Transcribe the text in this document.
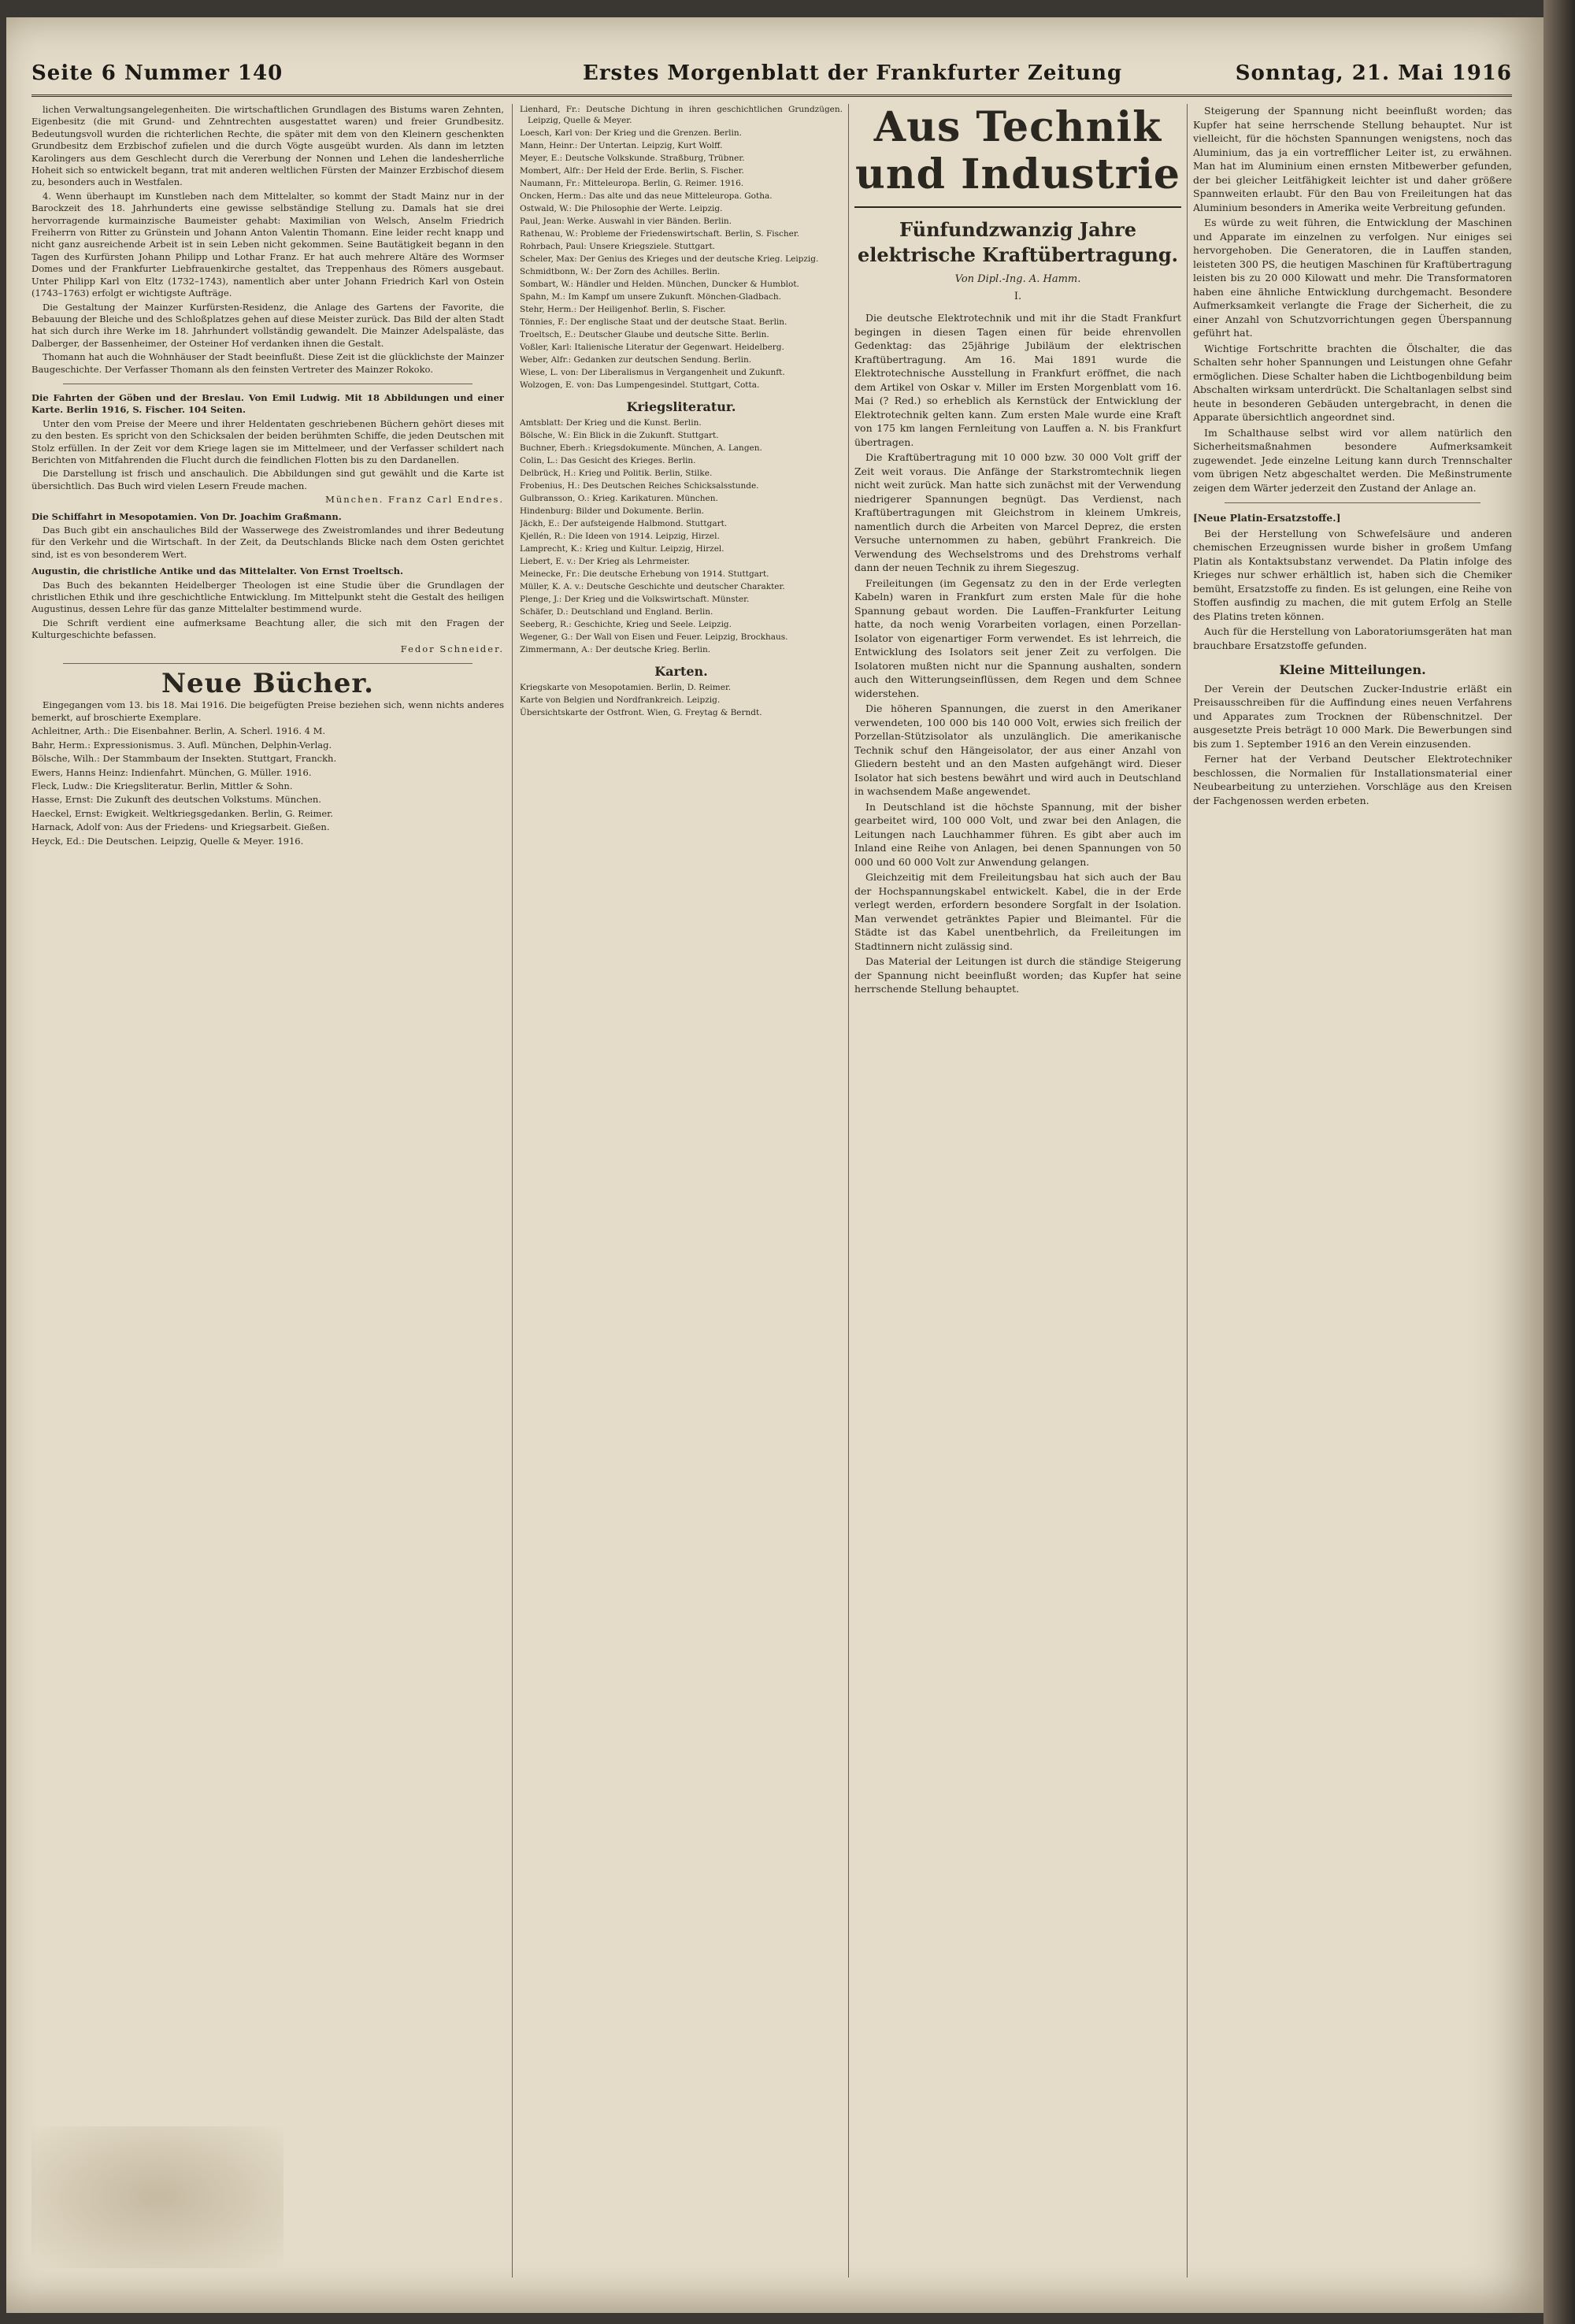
Seite 6 Nummer 140	Erstes Morgenblatt der Frankfurter Zeitung	Sonntag, 21. Mai 1916

lichen Verwaltungsangelegenheiten. Die wirtschaftlichen Grundlagen des Bistums waren Zehnten, Eigenbesitz (die mit Grund- und Zehntrechten ausgestattet waren) und freier Grundbesitz. Bedeutungsvoll wurden die richterlichen Rechte, die später mit dem von den Kleinern geschenkten Grundbesitz dem Erzbischof zufielen und die durch Vögte ausgeübt wurden. Als dann im letzten Karolingers aus dem Geschlecht durch die Vererbung der Nonnen und Lehen die landesherrliche Hoheit sich so entwickelt begann, trat mit anderen weltlichen Fürsten der Mainzer Erzbischof diesem zu, besonders auch in Westfalen.

4. Wenn überhaupt im Kunstleben nach dem Mittelalter, so kommt der Stadt Mainz nur in der Barockzeit des 18. Jahrhunderts eine gewisse selbständige Stellung zu. Damals hat sie drei hervorragende kurmainzische Baumeister gehabt: Maximilian von Welsch, Anselm Friedrich Freiherrn von Ritter zu Grünstein und Johann Anton Valentin Thomann. Eine leider recht knapp und nicht ganz ausreichende Arbeit ist in sein Leben nicht gekommen. Seine Bautätigkeit begann in den Tagen des Kurfürsten Johann Philipp und Lothar Franz. Er hat auch mehrere Altäre des Wormser Domes und der Frankfurter Liebfrauenkirche gestaltet, das Treppenhaus des Römers ausgebaut. Unter Philipp Karl von Eltz (1732–1743), namentlich aber unter Johann Friedrich Karl von Ostein (1743–1763) erfolgt er wichtigste Aufträge.

Die Gestaltung der Mainzer Kurfürsten-Residenz, die Anlage des Gartens der Favorite, die Bebauung der Bleiche und des Schloßplatzes gehen auf diese Meister zurück. Das Bild der alten Stadt hat sich durch ihre Werke im 18. Jahrhundert vollständig gewandelt. Die Mainzer Adelspaläste, das Dalberger, der Bassenheimer, der Osteiner Hof verdanken ihnen die Gestalt.

Thomann hat auch die Wohnhäuser der Stadt beeinflußt. Diese Zeit ist die glücklichste der Mainzer Baugeschichte. Der Verfasser Thomann als den feinsten Vertreter des Mainzer Rokoko.

Die Fahrten der Göben und der Breslau. Von Emil Ludwig. Mit 18 Abbildungen und einer Karte. Berlin 1916, S. Fischer. 104 Seiten.

Unter den vom Preise der Meere und ihrer Heldentaten geschriebenen Büchern gehört dieses mit zu den besten. Es spricht von den Schicksalen der beiden berühmten Schiffe, die jeden Deutschen mit Stolz erfüllen. In der Zeit vor dem Kriege lagen sie im Mittelmeer, und der Verfasser schildert nach Berichten von Mitfahrenden die Flucht durch die feindlichen Flotten bis zu den Dardanellen.

Die Darstellung ist frisch und anschaulich. Die Abbildungen sind gut gewählt und die Karte ist übersichtlich. Das Buch wird vielen Lesern Freude machen.

München. Franz Carl Endres.

Die Schiffahrt in Mesopotamien. Von Dr. Joachim Graßmann.

Das Buch gibt ein anschauliches Bild der Wasserwege des Zweistromlandes und ihrer Bedeutung für den Verkehr und die Wirtschaft. In der Zeit, da Deutschlands Blicke nach dem Osten gerichtet sind, ist es von besonderem Wert.

Augustin, die christliche Antike und das Mittelalter. Von Ernst Troeltsch.

Das Buch des bekannten Heidelberger Theologen ist eine Studie über die Grundlagen der christlichen Ethik und ihre geschichtliche Entwicklung. Im Mittelpunkt steht die Gestalt des heiligen Augustinus, dessen Lehre für das ganze Mittelalter bestimmend wurde.

Die Schrift verdient eine aufmerksame Beachtung aller, die sich mit den Fragen der Kulturgeschichte befassen.

Fedor Schneider.

Neue Bücher.

Eingegangen vom 13. bis 18. Mai 1916. Die beigefügten Preise beziehen sich, wenn nichts anderes bemerkt, auf broschierte Exemplare.

Achleitner, Arth.: Die Eisenbahner. Berlin, A. Scherl. 1916. 4 M.
Bahr, Herm.: Expressionismus. 3. Aufl. München, Delphin-Verlag.
Bölsche, Wilh.: Der Stammbaum der Insekten. Stuttgart, Franckh.
Ewers, Hanns Heinz: Indienfahrt. München, G. Müller. 1916.
Fleck, Ludw.: Die Kriegsliteratur. Berlin, Mittler & Sohn.
Hasse, Ernst: Die Zukunft des deutschen Volkstums. München.
Haeckel, Ernst: Ewigkeit. Weltkriegsgedanken. Berlin, G. Reimer.
Harnack, Adolf von: Aus der Friedens- und Kriegsarbeit. Gießen.
Heyck, Ed.: Die Deutschen. Leipzig, Quelle & Meyer. 1916.
Lienhard, Fr.: Deutsche Dichtung in ihren geschichtlichen Grundzügen. Leipzig, Quelle & Meyer.
Loesch, Karl von: Der Krieg und die Grenzen. Berlin.
Mann, Heinr.: Der Untertan. Leipzig, Kurt Wolff.
Meyer, E.: Deutsche Volkskunde. Straßburg, Trübner.
Mombert, Alfr.: Der Held der Erde. Berlin, S. Fischer.
Naumann, Fr.: Mitteleuropa. Berlin, G. Reimer. 1916.
Oncken, Herm.: Das alte und das neue Mitteleuropa. Gotha.
Ostwald, W.: Die Philosophie der Werte. Leipzig.
Paul, Jean: Werke. Auswahl in vier Bänden. Berlin.
Rathenau, W.: Probleme der Friedenswirtschaft. Berlin, S. Fischer.
Rohrbach, Paul: Unsere Kriegsziele. Stuttgart.
Scheler, Max: Der Genius des Krieges und der deutsche Krieg. Leipzig.
Schmidtbonn, W.: Der Zorn des Achilles. Berlin.
Sombart, W.: Händler und Helden. München, Duncker & Humblot.
Spahn, M.: Im Kampf um unsere Zukunft. Mönchen-Gladbach.
Stehr, Herm.: Der Heiligenhof. Berlin, S. Fischer.
Tönnies, F.: Der englische Staat und der deutsche Staat. Berlin.
Troeltsch, E.: Deutscher Glaube und deutsche Sitte. Berlin.
Voßler, Karl: Italienische Literatur der Gegenwart. Heidelberg.
Weber, Alfr.: Gedanken zur deutschen Sendung. Berlin.
Wiese, L. von: Der Liberalismus in Vergangenheit und Zukunft.
Wolzogen, E. von: Das Lumpengesindel. Stuttgart, Cotta.
Kriegsliteratur.
Amtsblatt: Der Krieg und die Kunst. Berlin.
Bölsche, W.: Ein Blick in die Zukunft. Stuttgart.
Buchner, Eberh.: Kriegsdokumente. München, A. Langen.
Colin, L.: Das Gesicht des Krieges. Berlin.
Delbrück, H.: Krieg und Politik. Berlin, Stilke.
Frobenius, H.: Des Deutschen Reiches Schicksalsstunde.
Gulbransson, O.: Krieg. Karikaturen. München.
Hindenburg: Bilder und Dokumente. Berlin.
Jäckh, E.: Der aufsteigende Halbmond. Stuttgart.
Kjellén, R.: Die Ideen von 1914. Leipzig, Hirzel.
Lamprecht, K.: Krieg und Kultur. Leipzig, Hirzel.
Liebert, E. v.: Der Krieg als Lehrmeister.
Meinecke, Fr.: Die deutsche Erhebung von 1914. Stuttgart.
Müller, K. A. v.: Deutsche Geschichte und deutscher Charakter.
Plenge, J.: Der Krieg und die Volkswirtschaft. Münster.
Schäfer, D.: Deutschland und England. Berlin.
Seeberg, R.: Geschichte, Krieg und Seele. Leipzig.
Wegener, G.: Der Wall von Eisen und Feuer. Leipzig, Brockhaus.
Zimmermann, A.: Der deutsche Krieg. Berlin.
Karten.
Kriegskarte von Mesopotamien. Berlin, D. Reimer.
Karte von Belgien und Nordfrankreich. Leipzig.
Übersichtskarte der Ostfront. Wien, G. Freytag & Berndt.
Aus Technik und Industrie
Fünfundzwanzig Jahre elektrische Kraftübertragung.
Von Dipl.-Ing. A. Hamm.
I.

Die deutsche Elektrotechnik und mit ihr die Stadt Frankfurt begingen in diesen Tagen einen für beide ehrenvollen Gedenktag: das 25jährige Jubiläum der elektrischen Kraftübertragung. Am 16. Mai 1891 wurde die Elektrotechnische Ausstellung in Frankfurt eröffnet, die nach dem Artikel von Oskar v. Miller im Ersten Morgenblatt vom 16. Mai (? Red.) so erheblich als Kernstück der Entwicklung der Elektrotechnik gelten kann. Zum ersten Male wurde eine Kraft von 175 km langen Fernleitung von Lauffen a. N. bis Frankfurt übertragen.

Die Kraftübertragung mit 10 000 bzw. 30 000 Volt griff der Zeit weit voraus. Die Anfänge der Starkstromtechnik liegen nicht weit zurück. Man hatte sich zunächst mit der Verwendung niedrigerer Spannungen begnügt. Das Verdienst, nach Kraftübertragungen mit Gleichstrom in kleinem Umkreis, namentlich durch die Arbeiten von Marcel Deprez, die ersten Versuche unternommen zu haben, gebührt Frankreich. Die Verwendung des Wechselstroms und des Drehstroms verhalf dann der neuen Technik zu ihrem Siegeszug.

Freileitungen (im Gegensatz zu den in der Erde verlegten Kabeln) waren in Frankfurt zum ersten Male für die hohe Spannung gebaut worden. Die Lauffen–Frankfurter Leitung hatte, da noch wenig Vorarbeiten vorlagen, einen Porzellan-Isolator von eigenartiger Form verwendet. Es ist lehrreich, die Entwicklung des Isolators seit jener Zeit zu verfolgen. Die Isolatoren mußten nicht nur die Spannung aushalten, sondern auch den Witterungseinflüssen, dem Regen und dem Schnee widerstehen.

Die höheren Spannungen, die zuerst in den Amerikaner verwendeten, 100 000 bis 140 000 Volt, erwies sich freilich der Porzellan-Stützisolator als unzulänglich. Die amerikanische Technik schuf den Hängeisolator, der aus einer Anzahl von Gliedern besteht und an den Masten aufgehängt wird. Dieser Isolator hat sich bestens bewährt und wird auch in Deutschland in wachsendem Maße angewendet.

In Deutschland ist die höchste Spannung, mit der bisher gearbeitet wird, 100 000 Volt, und zwar bei den Anlagen, die Leitungen nach Lauchhammer führen. Es gibt aber auch im Inland eine Reihe von Anlagen, bei denen Spannungen von 50 000 und 60 000 Volt zur Anwendung gelangen.

Gleichzeitig mit dem Freileitungsbau hat sich auch der Bau der Hochspannungskabel entwickelt. Kabel, die in der Erde verlegt werden, erfordern besondere Sorgfalt in der Isolation. Man verwendet getränktes Papier und Bleimantel. Für die Städte ist das Kabel unentbehrlich, da Freileitungen im Stadtinnern nicht zulässig sind.

Das Material der Leitungen ist durch die ständige Steigerung der Spannung nicht beeinflußt worden; das Kupfer hat seine herrschende Stellung behauptet.

Steigerung der Spannung nicht beeinflußt worden; das Kupfer hat seine herrschende Stellung behauptet. Nur ist vielleicht, für die höchsten Spannungen wenigstens, noch das Aluminium, das ja ein vortrefflicher Leiter ist, zu erwähnen. Man hat im Aluminium einen ernsten Mitbewerber gefunden, der bei gleicher Leitfähigkeit leichter ist und daher größere Spannweiten erlaubt. Für den Bau von Freileitungen hat das Aluminium besonders in Amerika weite Verbreitung gefunden.

Es würde zu weit führen, die Entwicklung der Maschinen und Apparate im einzelnen zu verfolgen. Nur einiges sei hervorgehoben. Die Generatoren, die in Lauffen standen, leisteten 300 PS, die heutigen Maschinen für Kraftübertragung leisten bis zu 20 000 Kilowatt und mehr. Die Transformatoren haben eine ähnliche Entwicklung durchgemacht. Besondere Aufmerksamkeit verlangte die Frage der Sicherheit, die zu einer Anzahl von Schutzvorrichtungen gegen Überspannung geführt hat.

Wichtige Fortschritte brachten die Ölschalter, die das Schalten sehr hoher Spannungen und Leistungen ohne Gefahr ermöglichen. Diese Schalter haben die Lichtbogenbildung beim Abschalten wirksam unterdrückt. Die Schaltanlagen selbst sind heute in besonderen Gebäuden untergebracht, in denen die Apparate übersichtlich angeordnet sind.

Im Schalthause selbst wird vor allem natürlich den Sicherheitsmaßnahmen besondere Aufmerksamkeit zugewendet. Jede einzelne Leitung kann durch Trennschalter vom übrigen Netz abgeschaltet werden. Die Meßinstrumente zeigen dem Wärter jederzeit den Zustand der Anlage an.

[Neue Platin-Ersatzstoffe.]

Bei der Herstellung von Schwefelsäure und anderen chemischen Erzeugnissen wurde bisher in großem Umfang Platin als Kontaktsubstanz verwendet. Da Platin infolge des Krieges nur schwer erhältlich ist, haben sich die Chemiker bemüht, Ersatzstoffe zu finden. Es ist gelungen, eine Reihe von Stoffen ausfindig zu machen, die mit gutem Erfolg an Stelle des Platins treten können.

Auch für die Herstellung von Laboratoriumsgeräten hat man brauchbare Ersatzstoffe gefunden.

Kleine Mitteilungen.

Der Verein der Deutschen Zucker-Industrie erläßt ein Preisausschreiben für die Auffindung eines neuen Verfahrens und Apparates zum Trocknen der Rübenschnitzel. Der ausgesetzte Preis beträgt 10 000 Mark. Die Bewerbungen sind bis zum 1. September 1916 an den Verein einzusenden.

Ferner hat der Verband Deutscher Elektrotechniker beschlossen, die Normalien für Installationsmaterial einer Neubearbeitung zu unterziehen. Vorschläge aus den Kreisen der Fachgenossen werden erbeten.
